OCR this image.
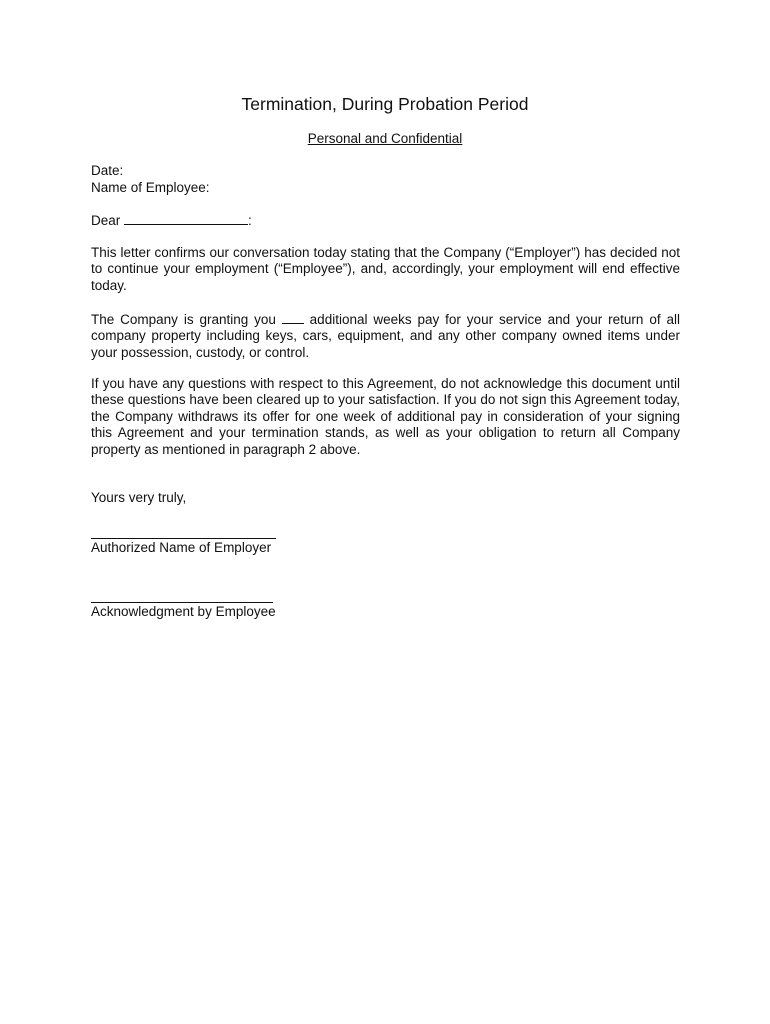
Termination, During Probation Period
Personal and Confidential
Date:
Name of Employee:
Dear	:
This letter confirms our conversation today stating that the Company (“Employer”) has decided not to continue your employment (“Employee”), and, accordingly, your employment will end effective today.
The Company is granting you	additional weeks pay for your service and your return of all company property including keys, cars, equipment, and any other company owned items under your possession, custody, or control.
If you have any questions with respect to this Agreement, do not acknowledge this document until these questions have been cleared up to your satisfaction. If you do not sign this Agreement today, the Company withdraws its offer for one week of additional pay in consideration of your signing this Agreement and your termination stands, as well as your obligation to return all Company property as mentioned in paragraph 2 above.
Yours very truly,
Authorized Name of Employer
Acknowledgment by Employee
